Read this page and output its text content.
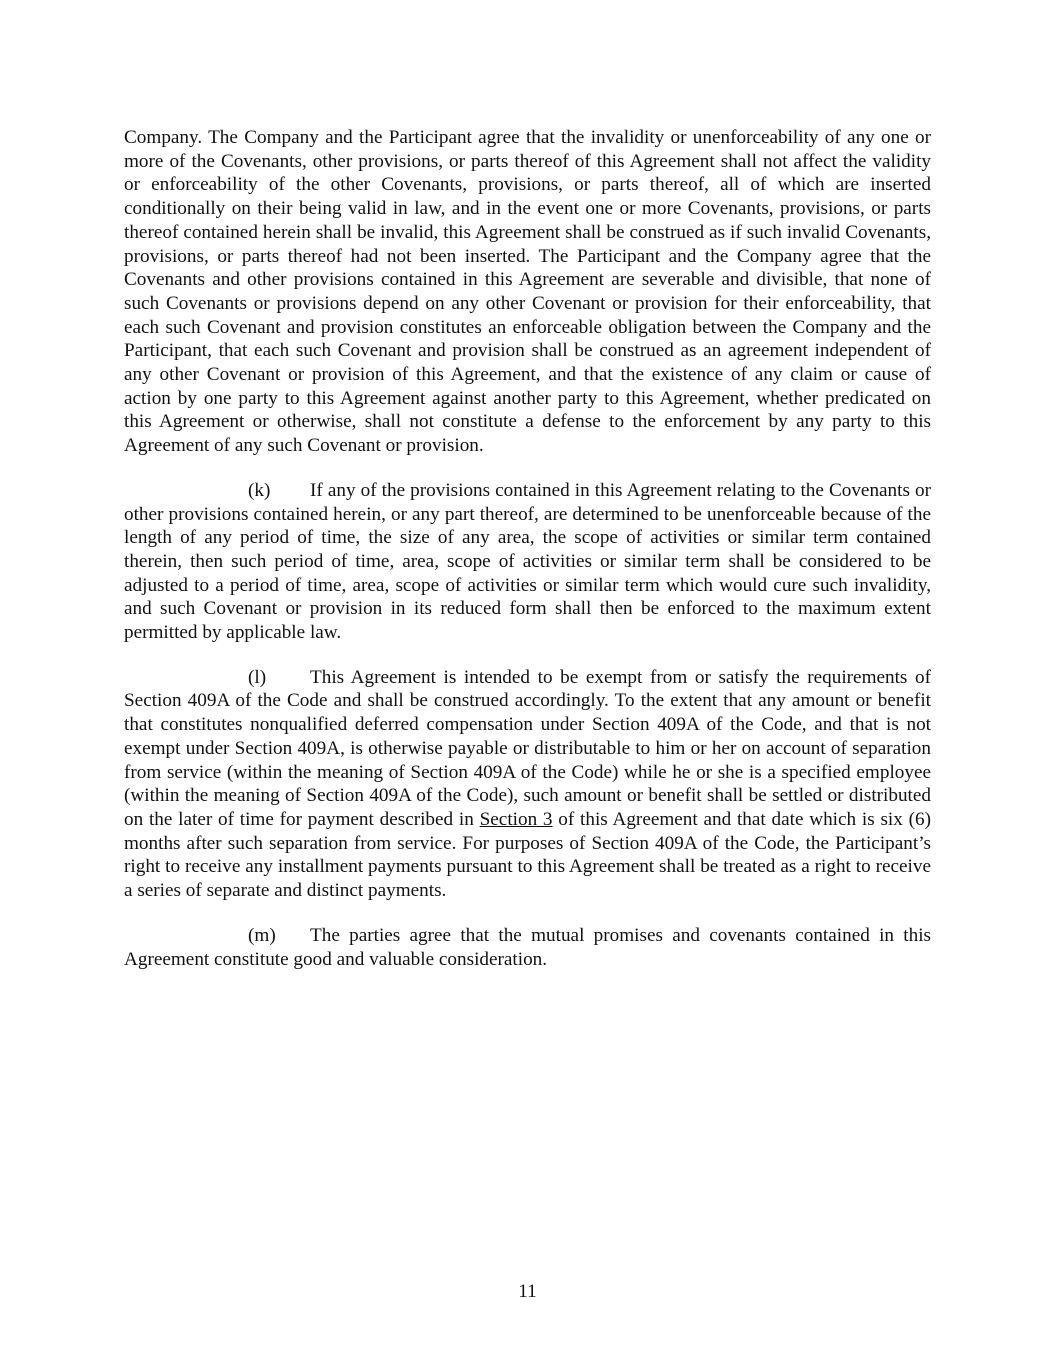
Company. The Company and the Participant agree that the invalidity or unenforceability of any one or more of the Covenants, other provisions, or parts thereof of this Agreement shall not affect the validity or enforceability of the other Covenants, provisions, or parts thereof, all of which are inserted conditionally on their being valid in law, and in the event one or more Covenants, provisions, or parts thereof contained herein shall be invalid, this Agreement shall be construed as if such invalid Covenants, provisions, or parts thereof had not been inserted. The Participant and the Company agree that the Covenants and other provisions contained in this Agreement are severable and divisible, that none of such Covenants or provisions depend on any other Covenant or provision for their enforceability, that each such Covenant and provision constitutes an enforceable obligation between the Company and the Participant, that each such Covenant and provision shall be construed as an agreement independent of any other Covenant or provision of this Agreement, and that the existence of any claim or cause of action by one party to this Agreement against another party to this Agreement, whether predicated on this Agreement or otherwise, shall not constitute a defense to the enforcement by any party to this Agreement of any such Covenant or provision.

(k) If any of the provisions contained in this Agreement relating to the Covenants or other provisions contained herein, or any part thereof, are determined to be unenforceable because of the length of any period of time, the size of any area, the scope of activities or similar term contained therein, then such period of time, area, scope of activities or similar term shall be considered to be adjusted to a period of time, area, scope of activities or similar term which would cure such invalidity, and such Covenant or provision in its reduced form shall then be enforced to the maximum extent permitted by applicable law.

(l) This Agreement is intended to be exempt from or satisfy the requirements of Section 409A of the Code and shall be construed accordingly. To the extent that any amount or benefit that constitutes nonqualified deferred compensation under Section 409A of the Code, and that is not exempt under Section 409A, is otherwise payable or distributable to him or her on account of separation from service (within the meaning of Section 409A of the Code) while he or she is a specified employee (within the meaning of Section 409A of the Code), such amount or benefit shall be settled or distributed on the later of time for payment described in Section 3 of this Agreement and that date which is six (6) months after such separation from service. For purposes of Section 409A of the Code, the Participant’s right to receive any installment payments pursuant to this Agreement shall be treated as a right to receive a series of separate and distinct payments.

(m) The parties agree that the mutual promises and covenants contained in this Agreement constitute good and valuable consideration.

11
